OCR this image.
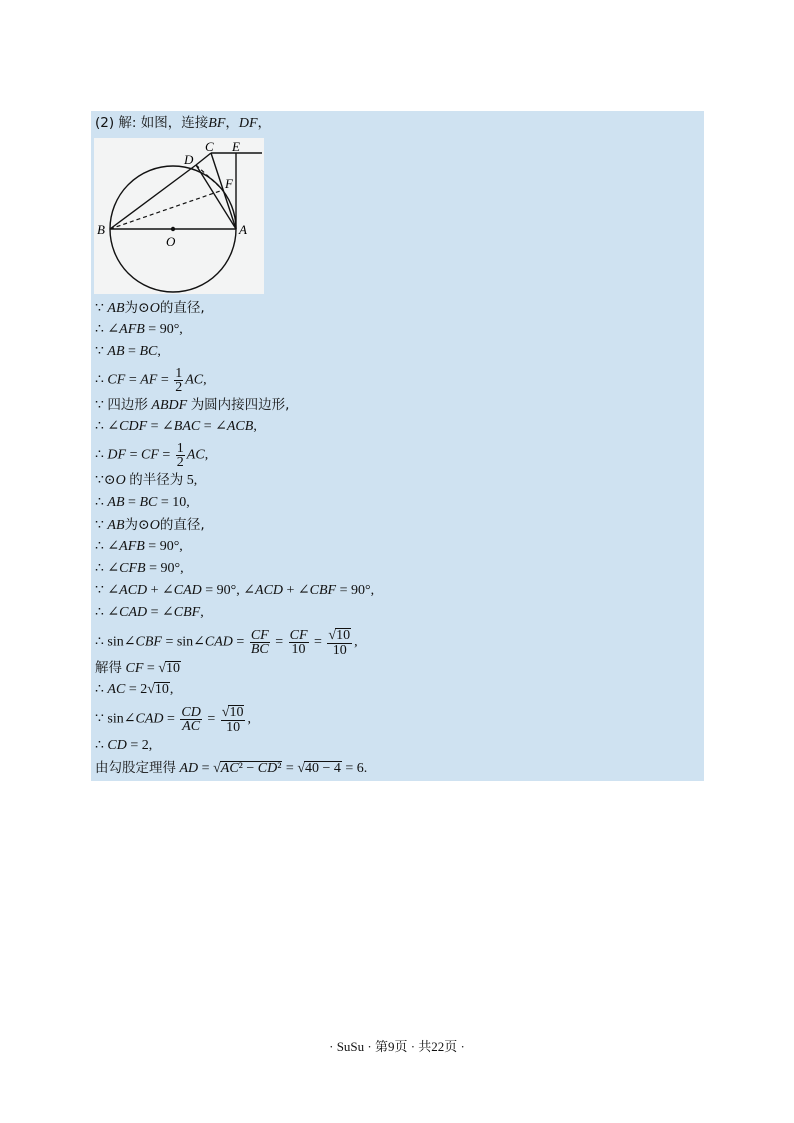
(2) 解: 如图，连接BF，DF，
B
O
A
D
C E
F
∵ AB为⊙O的直径,
∴ ∠AFB = 90°,
∵ AB = BC,
∴ CF = AF = $\frac{1}{2}$ AC,
∵ 四边形 ABDF 为圆内接四边形,
∴ ∠CDF = ∠BAC = ∠ACB,
∴ DF = CF = $\frac{1}{2}$ AC,
∵⊙O 的半径为 5,
∴ AB = BC = 10,
∵ AB为⊙O的直径,
∴ ∠AFB = 90°,
∴ ∠CFB = 90°,
∵ ∠ACD + ∠CAD = 90°, ∠ACD + ∠CBF = 90°,
∴ ∠CAD = ∠CBF,
∴ sin∠CBF = sin∠CAD = $\frac{CF}{BC} = \frac{CF}{10} = \frac{√10}{10}$ ,
解得 CF = √10
∴ AC = 2√10,
∵ sin∠CAD = $\frac{CD}{AC} = \frac{√10}{10}$ ,
∴ CD = 2,
由勾股定理得 AD = √AC² − CD² = √40 − 4 = 6.
· SuSu · 第9页 · 共22页 ·
